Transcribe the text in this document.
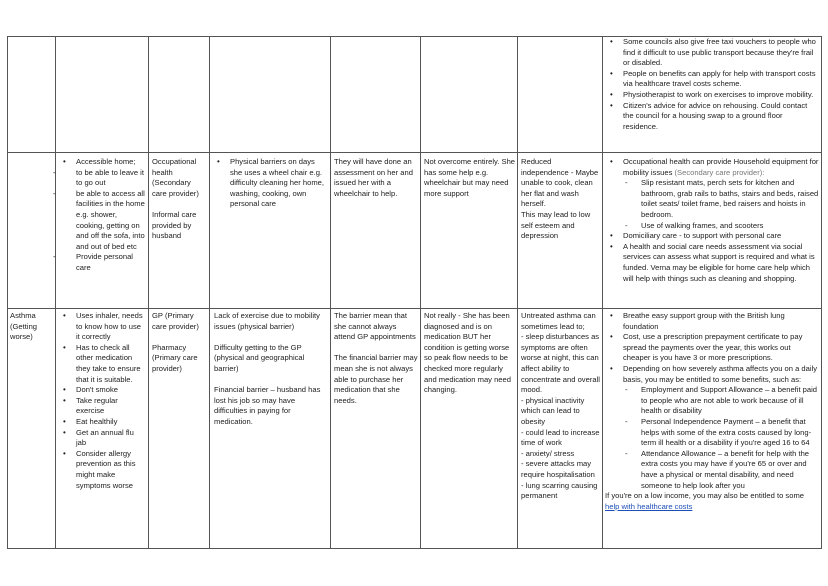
• Some councils also give free taxi vouchers to people who find it difficult to use public transport because they're frail or disabled.
• People on benefits can apply for help with transport costs via healthcare travel costs scheme.
• Physiotherapist to work on exercises to improve mobility.
• Citizen's advice for advice on rehousing. Could contact the council for a housing swap to a ground floor residence.
• Accessible home;
- to be able to leave it to go out
- be able to access all facilities in the home e.g. shower, cooking, getting on and off the sofa, into and out of bed etc
- Provide personal care

Occupational health

(Secondary care provider)

Informal care provided by husband

• Physical barriers on days she uses a wheel chair e.g. difficulty cleaning her home, washing, cooking, own personal care

They will have done an assessment on her and issued her with a wheelchair to help.

Not overcome entirely. She has some help e.g. wheelchair but may need more support

Reduced independence - Maybe unable to cook, clean her flat and wash herself.

This may lead to low self esteem and depression

• Occupational health can provide Household equipment for mobility issues (Secondary care provider):
- Slip resistant mats, perch sets for kitchen and bathroom, grab rails to baths, stairs and beds, raised toilet seats/ toilet frame, bed raisers and hoists in bedroom.
- Use of walking frames, and scooters
• Domiciliary care - to support with personal care
• A health and social care needs assessment via social services can assess what support is required and what is funded. Verna may be eligible for home care help which will help with things such as cleaning and shopping.

Asthma (Getting worse)

• Uses inhaler, needs to know how to use it correctly
• Has to check all other medication they take to ensure that it is suitable.
• Don't smoke
• Take regular exercise
• Eat healthily
• Get an annual flu jab
• Consider allergy prevention as this might make symptoms worse

GP (Primary care provider)

Pharmacy (Primary care provider)

Lack of exercise due to mobility issues (physical barrier)

Difficulty getting to the GP (physical and geographical barrier)

Financial barrier – husband has lost his job so may have difficulties in paying for medication.

The barrier mean that she cannot always attend GP appointments

The financial barrier may mean she is not always able to purchase her medication that she needs.

Not really - She has been diagnosed and is on medication BUT her condition is getting worse so peak flow needs to be checked more regularly and medication may need changing.

Untreated asthma can sometimes lead to;

- sleep disturbances as symptoms are often worse at night, this can affect ability to concentrate and overall mood.

- physical inactivity which can lead to obesity

- could lead to increase time of work

- anxiety/ stress

- severe attacks may require hospitalisation

- lung scarring causing permanent

• Breathe easy support group with the British lung foundation
• Cost, use a prescription prepayment certificate to pay spread the payments over the year, this works out cheaper is you have 3 or more prescriptions.
• Depending on how severely asthma affects you on a daily basis, you may be entitled to some benefits, such as:
- Employment and Support Allowance – a benefit paid to people who are not able to work because of ill health or disability
- Personal Independence Payment – a benefit that helps with some of the extra costs caused by long-term ill health or a disability if you're aged 16 to 64
- Attendance Allowance – a benefit for help with the extra costs you may have if you're 65 or over and have a physical or mental disability, and need someone to help look after you

If you're on a low income, you may also be entitled to some help with healthcare costs
